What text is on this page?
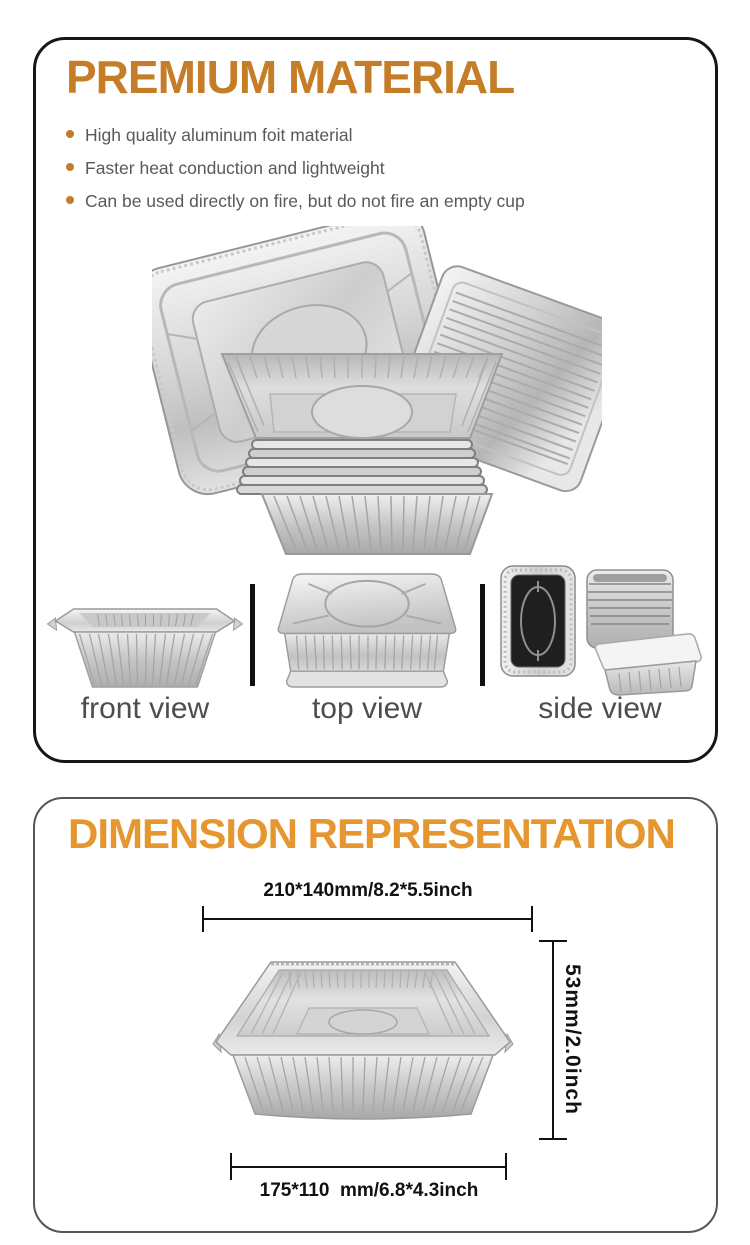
PREMIUM MATERIAL
High quality aluminum foit material
Faster heat conduction and lightweight
Can be used directly on fire, but do not fire an empty cup
front view	top view	side view
DIMENSION REPRESENTATION
210*140mm/8.2*5.5inch
53mm/2.0inch
175*110  mm/6.8*4.3inch
